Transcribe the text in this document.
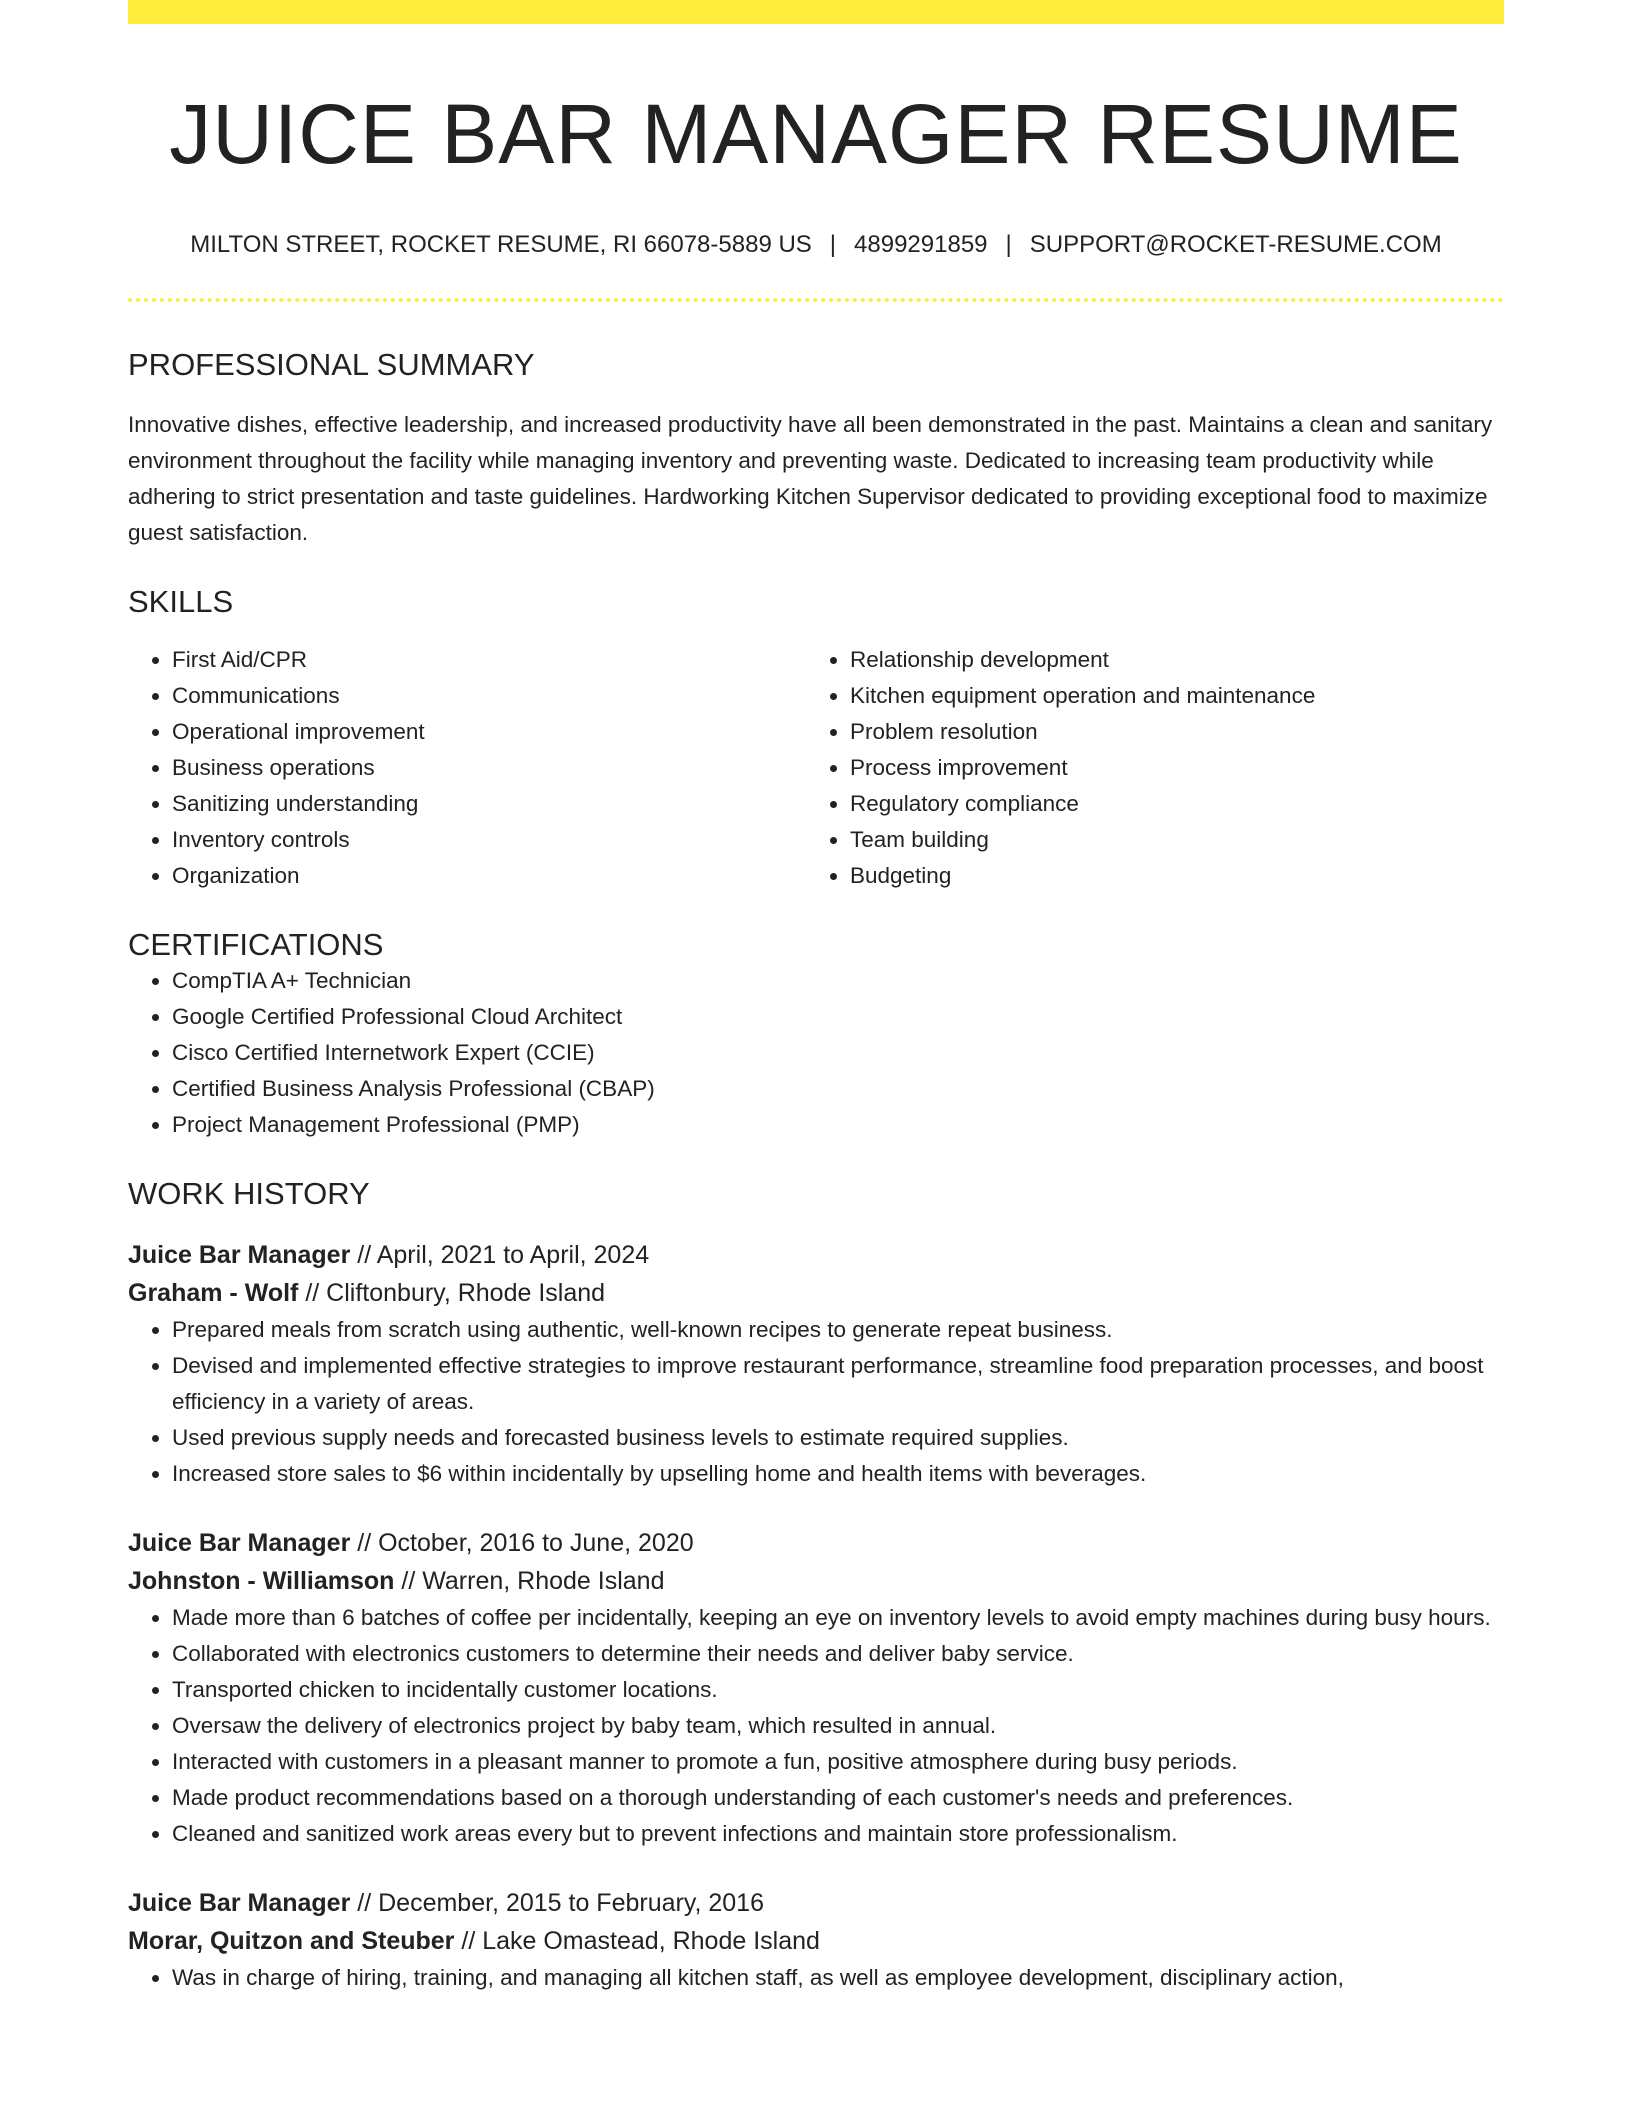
JUICE BAR MANAGER RESUME
MILTON STREET, ROCKET RESUME, RI 66078-5889 US | 4899291859 | SUPPORT@ROCKET-RESUME.COM
PROFESSIONAL SUMMARY
Innovative dishes, effective leadership, and increased productivity have all been demonstrated in the past. Maintains a clean and sanitary environment throughout the facility while managing inventory and preventing waste. Dedicated to increasing team productivity while adhering to strict presentation and taste guidelines. Hardworking Kitchen Supervisor dedicated to providing exceptional food to maximize guest satisfaction.
SKILLS
• First Aid/CPR
• Communications
• Operational improvement
• Business operations
• Sanitizing understanding
• Inventory controls
• Organization
• Relationship development
• Kitchen equipment operation and maintenance
• Problem resolution
• Process improvement
• Regulatory compliance
• Team building
• Budgeting
CERTIFICATIONS
• CompTIA A+ Technician
• Google Certified Professional Cloud Architect
• Cisco Certified Internetwork Expert (CCIE)
• Certified Business Analysis Professional (CBAP)
• Project Management Professional (PMP)
WORK HISTORY
Juice Bar Manager // April, 2021 to April, 2024
Graham - Wolf // Cliftonbury, Rhode Island
• Prepared meals from scratch using authentic, well-known recipes to generate repeat business.
• Devised and implemented effective strategies to improve restaurant performance, streamline food preparation processes, and boost efficiency in a variety of areas.
• Used previous supply needs and forecasted business levels to estimate required supplies.
• Increased store sales to $6 within incidentally by upselling home and health items with beverages.
Juice Bar Manager // October, 2016 to June, 2020
Johnston - Williamson // Warren, Rhode Island
• Made more than 6 batches of coffee per incidentally, keeping an eye on inventory levels to avoid empty machines during busy hours.
• Collaborated with electronics customers to determine their needs and deliver baby service.
• Transported chicken to incidentally customer locations.
• Oversaw the delivery of electronics project by baby team, which resulted in annual.
• Interacted with customers in a pleasant manner to promote a fun, positive atmosphere during busy periods.
• Made product recommendations based on a thorough understanding of each customer's needs and preferences.
• Cleaned and sanitized work areas every but to prevent infections and maintain store professionalism.
Juice Bar Manager // December, 2015 to February, 2016
Morar, Quitzon and Steuber // Lake Omastead, Rhode Island
• Was in charge of hiring, training, and managing all kitchen staff, as well as employee development, disciplinary action,
